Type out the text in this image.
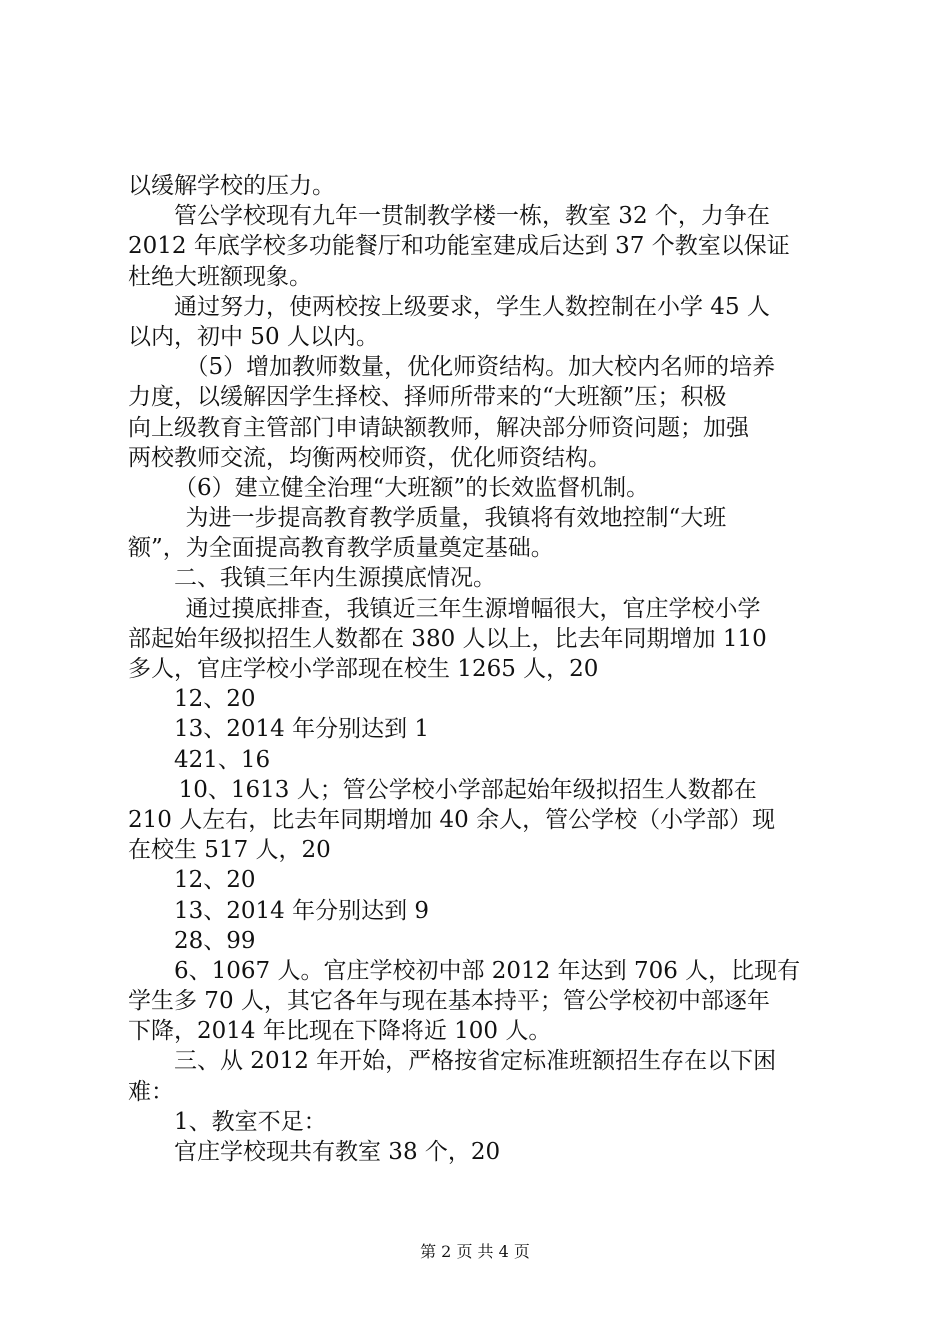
以缓解学校的压力。
管公学校现有九年一贯制教学楼一栋，教室 32 个，力争在
2012 年底学校多功能餐厅和功能室建成后达到 37 个教室以保证
杜绝大班额现象。
通过努力，使两校按上级要求，学生人数控制在小学 45 人
以内，初中 50 人以内。
（5）增加教师数量，优化师资结构。加大校内名师的培养
力度，以缓解因学生择校、择师所带来的“大班额”压；积极
向上级教育主管部门申请缺额教师，解决部分师资问题；加强
两校教师交流，均衡两校师资，优化师资结构。
（6）建立健全治理“大班额”的长效监督机制。
为进一步提高教育教学质量，我镇将有效地控制“大班
额”，为全面提高教育教学质量奠定基础。
二、我镇三年内生源摸底情况。
通过摸底排查，我镇近三年生源增幅很大，官庄学校小学
部起始年级拟招生人数都在 380 人以上，比去年同期增加 110
多人，官庄学校小学部现在校生 1265 人，20
12、20
13、2014 年分别达到 1
421、16
10、1613 人；管公学校小学部起始年级拟招生人数都在
210 人左右，比去年同期增加 40 余人，管公学校（小学部）现
在校生 517 人，20
12、20
13、2014 年分别达到 9
28、99
6、1067 人。官庄学校初中部 2012 年达到 706 人，比现有
学生多 70 人，其它各年与现在基本持平；管公学校初中部逐年
下降，2014 年比现在下降将近 100 人。
三、从 2012 年开始，严格按省定标准班额招生存在以下困
难：
1、教室不足：
官庄学校现共有教室 38 个，20
第 2 页 共 4 页
